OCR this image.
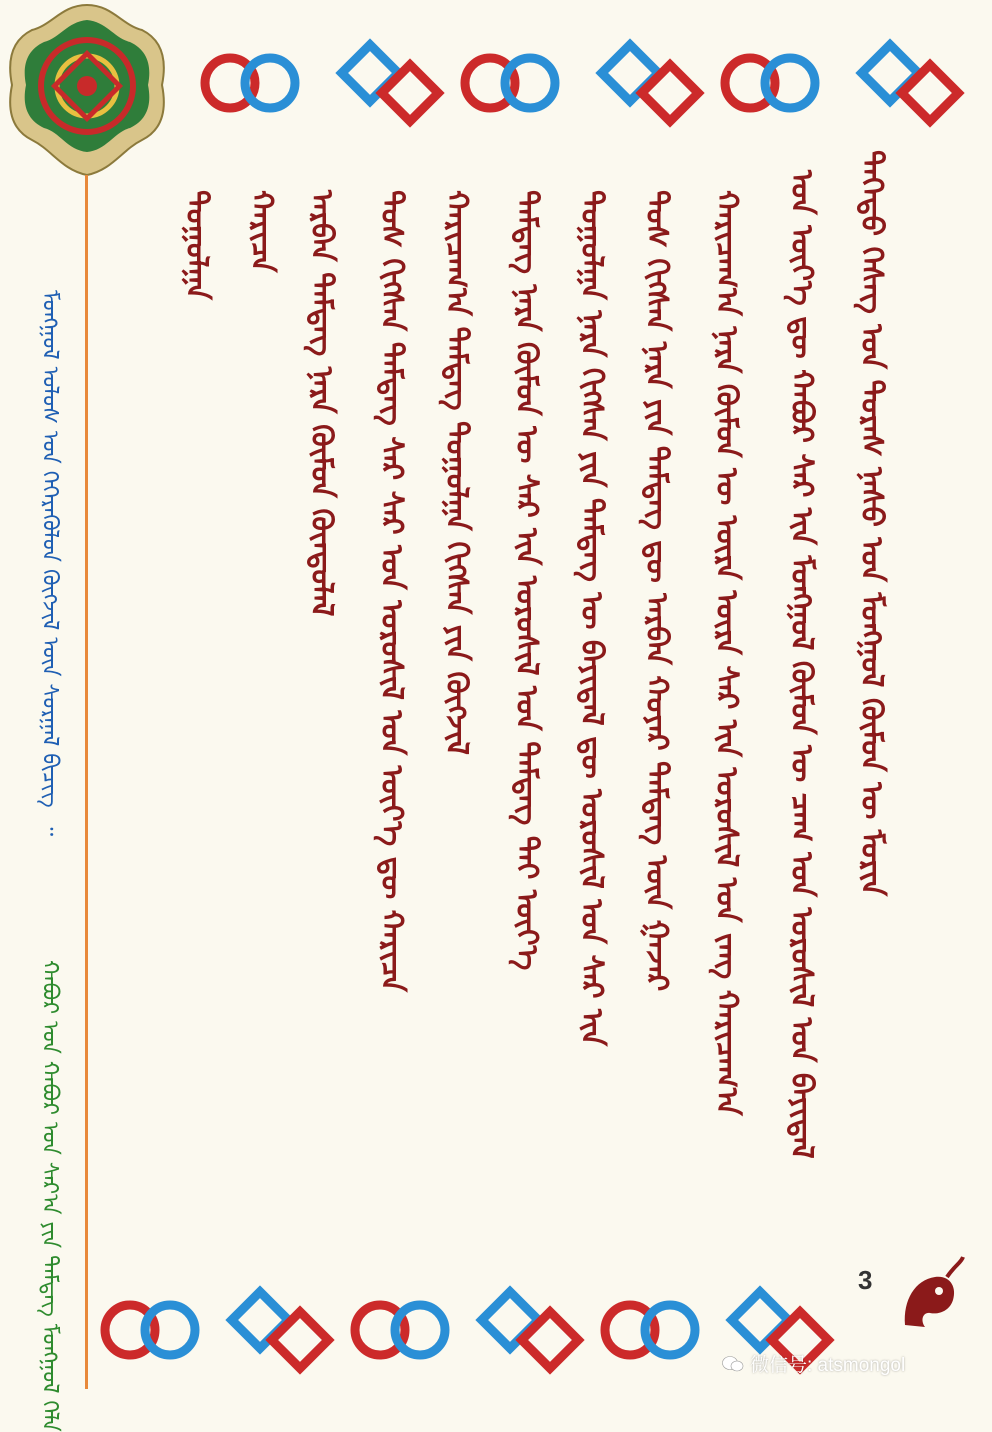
ᠮᠣᠩᠭᠣᠯ ᠤᠯᠤᠰ ᠤᠨ ᠭᠡᠭᠡᠷᠡᠭᠦᠯᠦᠨ ᠬᠥᠭᠵᠢᠯ ᠦᠨ ᠰᠤᠷᠭᠠᠯ ᠪᠢᠴᠢᠭ ᠍ ᠃
ᠬᠠᠪᠤᠷ ᠤᠨ ᠬᠠᠪᠤᠷ ᠤᠨ ᠰᠠᠷ᠎ᠠ ᠶᠢᠨ ᠲᠡᠮᠳᠡᠭ ᠮᠣᠩᠭᠣᠯ ᠬᠡᠯᠡ
ᠳᠡᠭᠡᠳᠦ ᠬᠡᠰᠡᠭ ᠤᠨ ᠳᠤᠷᠠᠰ ᠨᠠᠰᠤ ᠤᠨ ᠮᠣᠩᠭᠣᠯ ᠬᠥᠮᠦᠨ ᠦ ᠮᠣᠷᠢᠨ
ᠣᠨ ᠦᠶ᠎ᠡ ᠳᠦ ᠬᠠᠪᠤᠷ ᠰᠠᠷ ᠢᠨ ᠮᠣᠩᠭᠣᠯ ᠬᠥᠮᠦᠨ ᠦ ᠴᠠᠭ ᠤᠨ ᠤᠷᠤᠰᠢᠯ ᠤᠨ ᠪᠠᠶᠢᠳᠠᠯ
ᠬᠠᠷᠢᠴᠠᠭ᠎ᠠ ᠨᠡᠷᠡ ᠬᠦᠮᠦᠨ ᠦ ᠦᠷᠡ ᠦᠷᠡ ᠰᠠᠷ ᠢᠨ ᠤᠷᠤᠰᠢᠯ ᠤᠨ ᠵᠠᠩ ᠬᠠᠷᠢᠴᠠᠭ᠎ᠠ
ᠲᠤᠰ ᠬᠢᠭᠰᠡᠨ ᠨᠡᠷᠡ ᠶᠢᠨ ᠲᠡᠮᠳᠡᠭ ᠳᠦ ᠠᠷᠪᠠᠨ ᠬᠣᠶᠠᠷ ᠲᠡᠮᠳᠡᠭ ᠦᠨ ᠭᠠᠵᠠᠷ
ᠲᠤᠭᠤᠯᠭᠠ ᠨᠡᠷᠡ ᠬᠢᠭᠰᠡᠨ ᠶᠢᠨ ᠲᠡᠮᠳᠡᠭ ᠦ ᠪᠠᠶᠢᠳᠠᠯ ᠳᠦ ᠤᠷᠤᠰᠢᠯ ᠤᠨ ᠰᠠᠷ ᠢᠨ
ᠲᠡᠮᠳᠡᠭ ᠨᠡᠷᠡ ᠬᠦᠮᠦᠨ ᠦ ᠰᠠᠷ ᠢᠨ ᠤᠷᠤᠰᠢᠯ ᠤᠨ ᠲᠡᠮᠳᠡᠭ ᠲᠠᠢ ᠦᠶ᠎ᠡ
ᠬᠠᠷᠢᠴᠠᠭ᠎ᠠ ᠲᠡᠮᠳᠡᠭ ᠲᠤᠭᠤᠯᠭᠠ ᠬᠢᠭᠰᠡᠨ ᠶᠢᠨ ᠬᠥᠭᠵᠢᠯ
ᠲᠤᠰ ᠬᠢᠭᠰᠡᠨ ᠲᠡᠮᠳᠡᠭ ᠰᠠᠷ ᠰᠠᠷ ᠤᠨ ᠤᠷᠤᠰᠢᠯ ᠤᠨ ᠦᠶ᠎ᠡ ᠳᠦ ᠬᠠᠷᠢᠴᠠ
ᠠᠷᠪᠠᠨ ᠲᠡᠮᠳᠡᠭ ᠨᠡᠷᠡ ᠬᠦᠮᠦᠨ ᠬᠦᠨᠳᠦᠯᠡᠯ
ᠬᠠᠷᠢᠴᠠ
ᠲᠤᠭᠤᠯᠭᠠ
3
微信号: atsmongol
